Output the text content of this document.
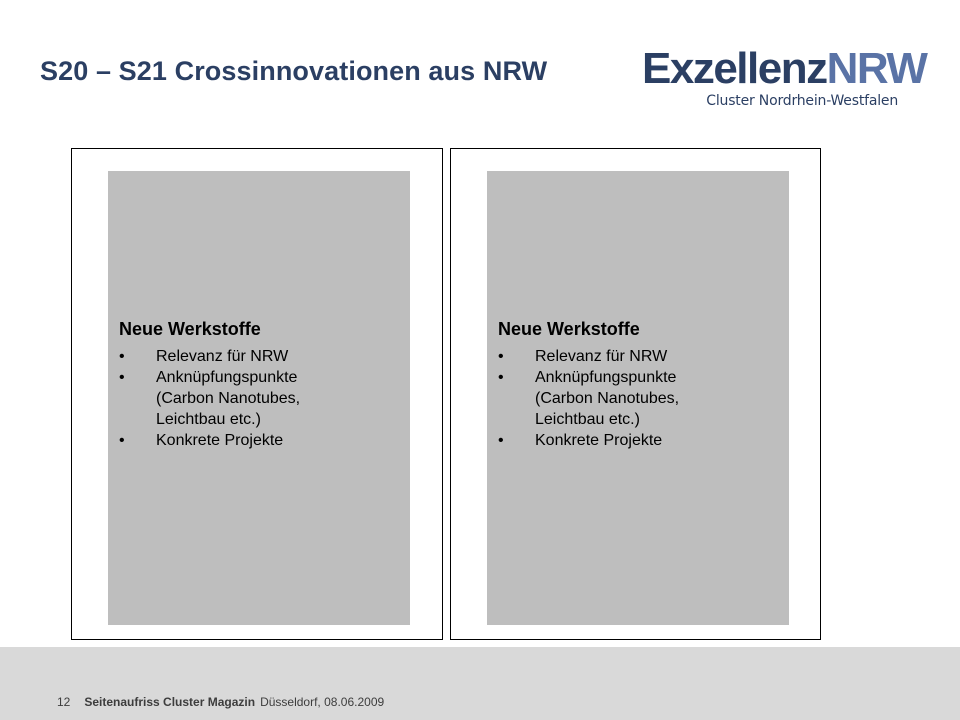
S20 – S21 Crossinnovationen aus NRW ExzellenzNRW
Cluster Nordrhein-Westfalen
Neue Werkstoffe
• Relevanz für NRW
• Anknüpfungspunkte
(Carbon Nanotubes,
Leichtbau etc.)
• Konkrete Projekte
Neue Werkstoffe
• Relevanz für NRW
• Anknüpfungspunkte
(Carbon Nanotubes,
Leichtbau etc.)
• Konkrete Projekte
12 Seitenaufriss Cluster Magazin Düsseldorf, 08.06.2009
